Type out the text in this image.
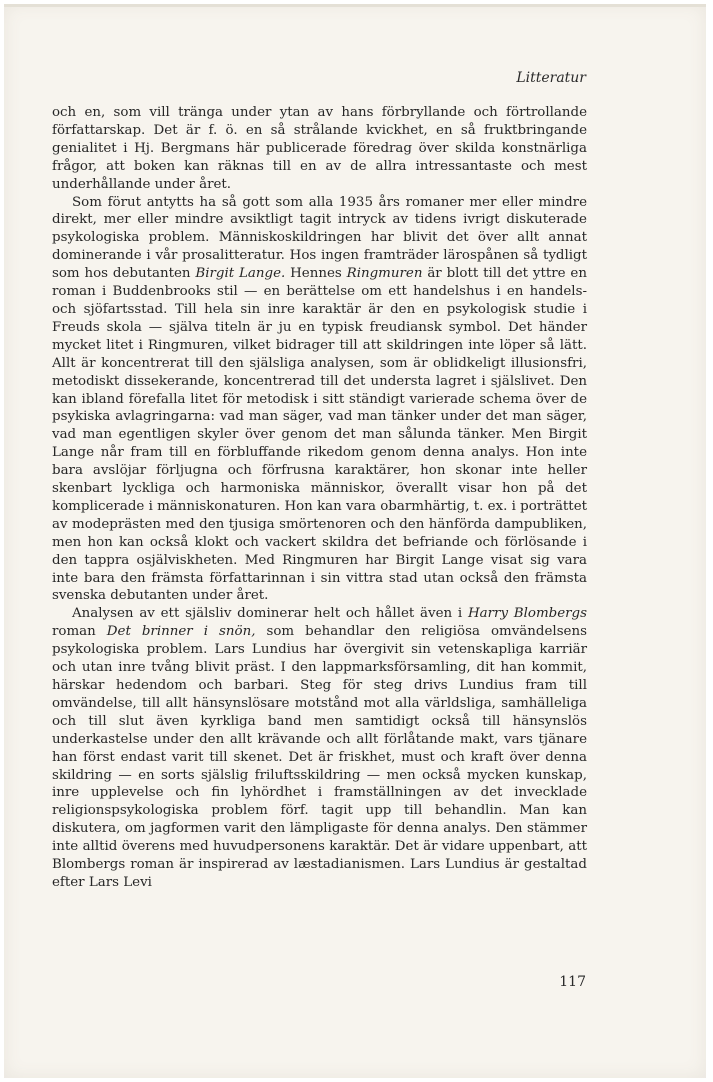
Litteratur

och en, som vill tränga under ytan av hans förbryllande och förtrollande författarskap. Det är f. ö. en så strålande kvickhet, en så fruktbringande genialitet i Hj. Bergmans här publicerade föredrag över skilda konstnärliga frågor, att boken kan räknas till en av de allra intressantaste och mest underhållande under året.

Som förut antytts ha så gott som alla 1935 års romaner mer eller mindre direkt, mer eller mindre avsiktligt tagit intryck av tidens ivrigt diskuterade psykologiska problem. Människoskildringen har blivit det över allt annat dominerande i vår prosalitteratur. Hos ingen framträder lärospånen så tydligt som hos debutanten Birgit Lange. Hennes Ringmuren är blott till det yttre en roman i Buddenbrooks stil — en berättelse om ett handelshus i en handels- och sjöfartsstad. Till hela sin inre karaktär är den en psykologisk studie i Freuds skola — själva titeln är ju en typisk freudiansk symbol. Det händer mycket litet i Ringmuren, vilket bidrager till att skildringen inte löper så lätt. Allt är koncentrerat till den själsliga analysen, som är oblidkeligt illusionsfri, metodiskt dissekerande, koncentrerad till det understa lagret i själslivet. Den kan ibland förefalla litet för metodisk i sitt ständigt varierade schema över de psykiska avlagringarna: vad man säger, vad man tänker under det man säger, vad man egentligen skyler över genom det man sålunda tänker. Men Birgit Lange når fram till en förbluffande rikedom genom denna analys. Hon inte bara avslöjar förljugna och förfrusna karaktärer, hon skonar inte heller skenbart lyckliga och harmoniska människor, överallt visar hon på det komplicerade i människonaturen. Hon kan vara obarmhärtig, t. ex. i porträttet av modeprästen med den tjusiga smörtenoren och den hänförda dampubliken, men hon kan också klokt och vackert skildra det befriande och förlösande i den tappra osjälviskheten. Med Ringmuren har Birgit Lange visat sig vara inte bara den främsta författarinnan i sin vittra stad utan också den främsta svenska debutanten under året.

Analysen av ett själsliv dominerar helt och hållet även i Harry Blombergs roman Det brinner i snön, som behandlar den religiösa omvändelsens psykologiska problem. Lars Lundius har övergivit sin vetenskapliga karriär och utan inre tvång blivit präst. I den lappmarksförsamling, dit han kommit, härskar hedendom och barbari. Steg för steg drivs Lundius fram till omvändelse, till allt hänsynslösare motstånd mot alla världsliga, samhälleliga och till slut även kyrkliga band men samtidigt också till hänsynslös underkastelse under den allt krävande och allt förlåtande makt, vars tjänare han först endast varit till skenet. Det är friskhet, must och kraft över denna skildring — en sorts själslig friluftsskildring — men också mycken kunskap, inre upplevelse och fin lyhördhet i framställningen av det invecklade religionspsykologiska problem förf. tagit upp till behandlin. Man kan diskutera, om jagformen varit den lämpligaste för denna analys. Den stämmer inte alltid överens med huvudpersonens karaktär. Det är vidare uppenbart, att Blombergs roman är inspirerad av læstadianismen. Lars Lundius är gestaltad efter Lars Levi

117
